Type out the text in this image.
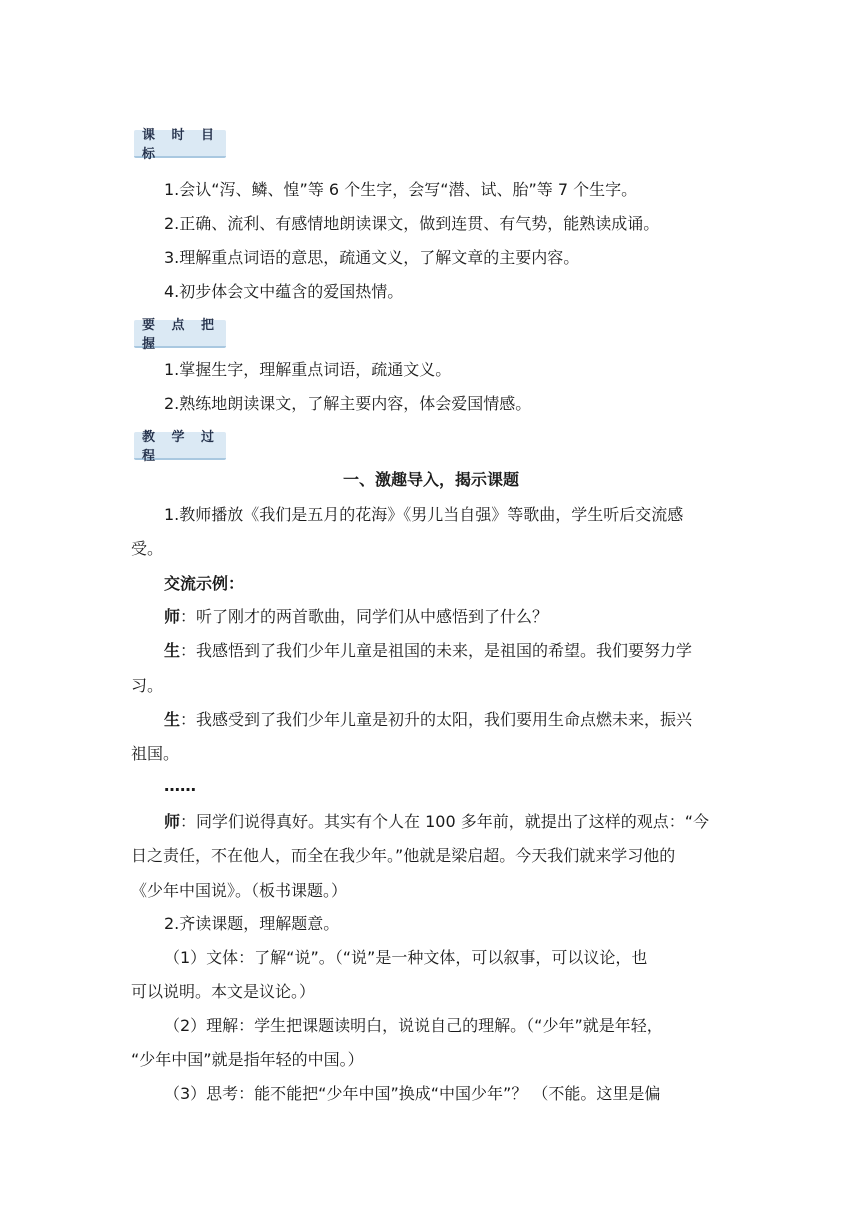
课 时 目 标
1.会认“泻、鳞、惶”等 6 个生字，会写“潜、试、胎”等 7 个生字。
2.正确、流利、有感情地朗读课文，做到连贯、有气势，能熟读成诵。
3.理解重点词语的意思，疏通文义，了解文章的主要内容。
4.初步体会文中蕴含的爱国热情。
要 点 把 握
1.掌握生字，理解重点词语，疏通文义。
2.熟练地朗读课文，了解主要内容，体会爱国情感。
教 学 过 程
一、激趣导入，揭示课题
1.教师播放《我们是五月的花海》《男儿当自强》等歌曲，学生听后交流感
受。
交流示例：
师：听了刚才的两首歌曲，同学们从中感悟到了什么？
生：我感悟到了我们少年儿童是祖国的未来，是祖国的希望。我们要努力学
习。
生：我感受到了我们少年儿童是初升的太阳，我们要用生命点燃未来，振兴
祖国。
……
师：同学们说得真好。其实有个人在 100 多年前，就提出了这样的观点：“今
日之责任，不在他人，而全在我少年。”他就是梁启超。今天我们就来学习他的
《少年中国说》。（板书课题。）
2.齐读课题，理解题意。
（1）文体：了解“说”。（“说”是一种文体，可以叙事，可以议论，也
可以说明。本文是议论。）
（2）理解：学生把课题读明白，说说自己的理解。（“少年”就是年轻，
“少年中国”就是指年轻的中国。）
（3）思考：能不能把“少年中国”换成“中国少年”？ （不能。这里是偏
